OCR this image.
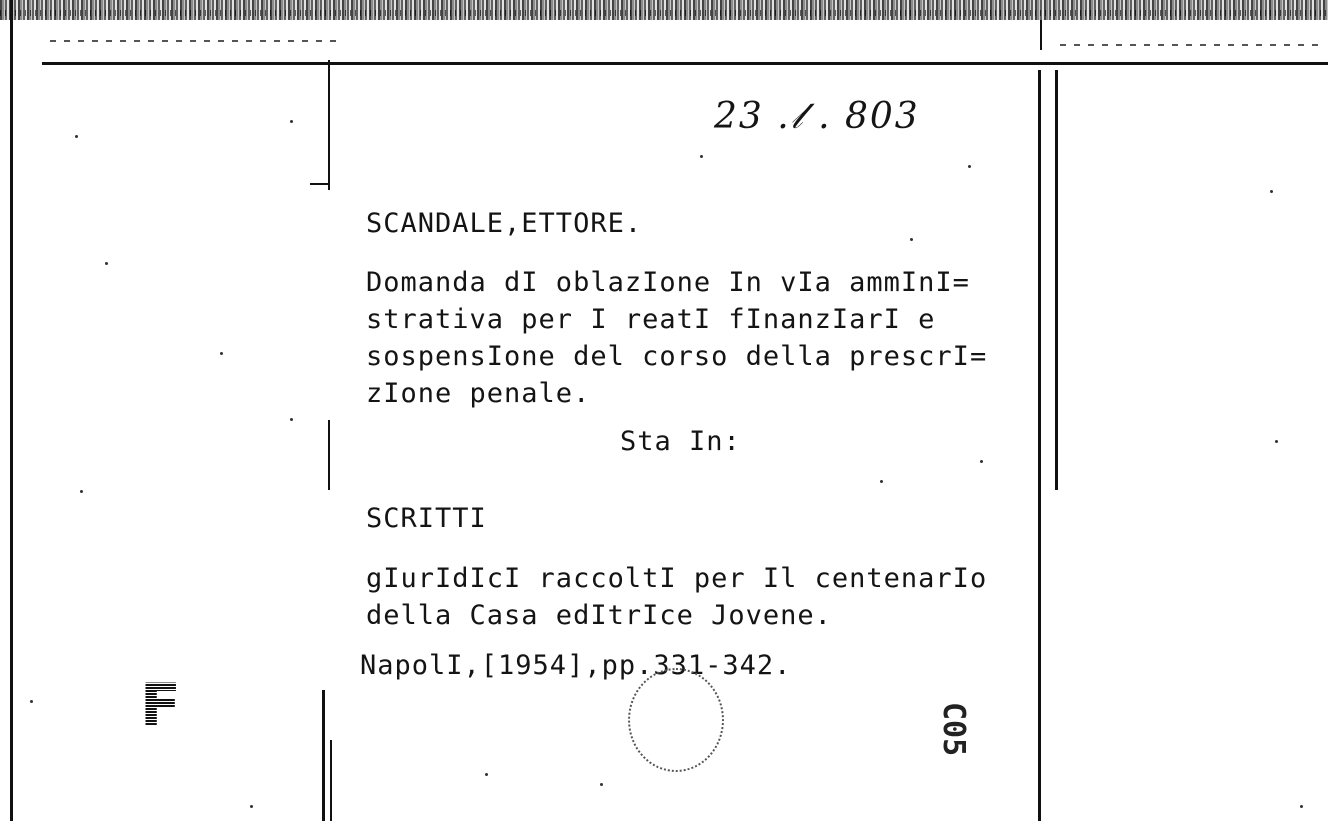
23 .𝓁 . 803
SCANDALE,ETTORE.
Domanda dI oblazIone In vIa ammInI=
strativa per I reatI fInanzIarI e
sospensIone del corso della prescrI=
zIone penale.
Sta In:
SCRITTI
gIurIdIcI raccoltI per Il centenarIo
della Casa edItrIce Jovene.
NapolI,[1954],pp.331-342.
C05
F
